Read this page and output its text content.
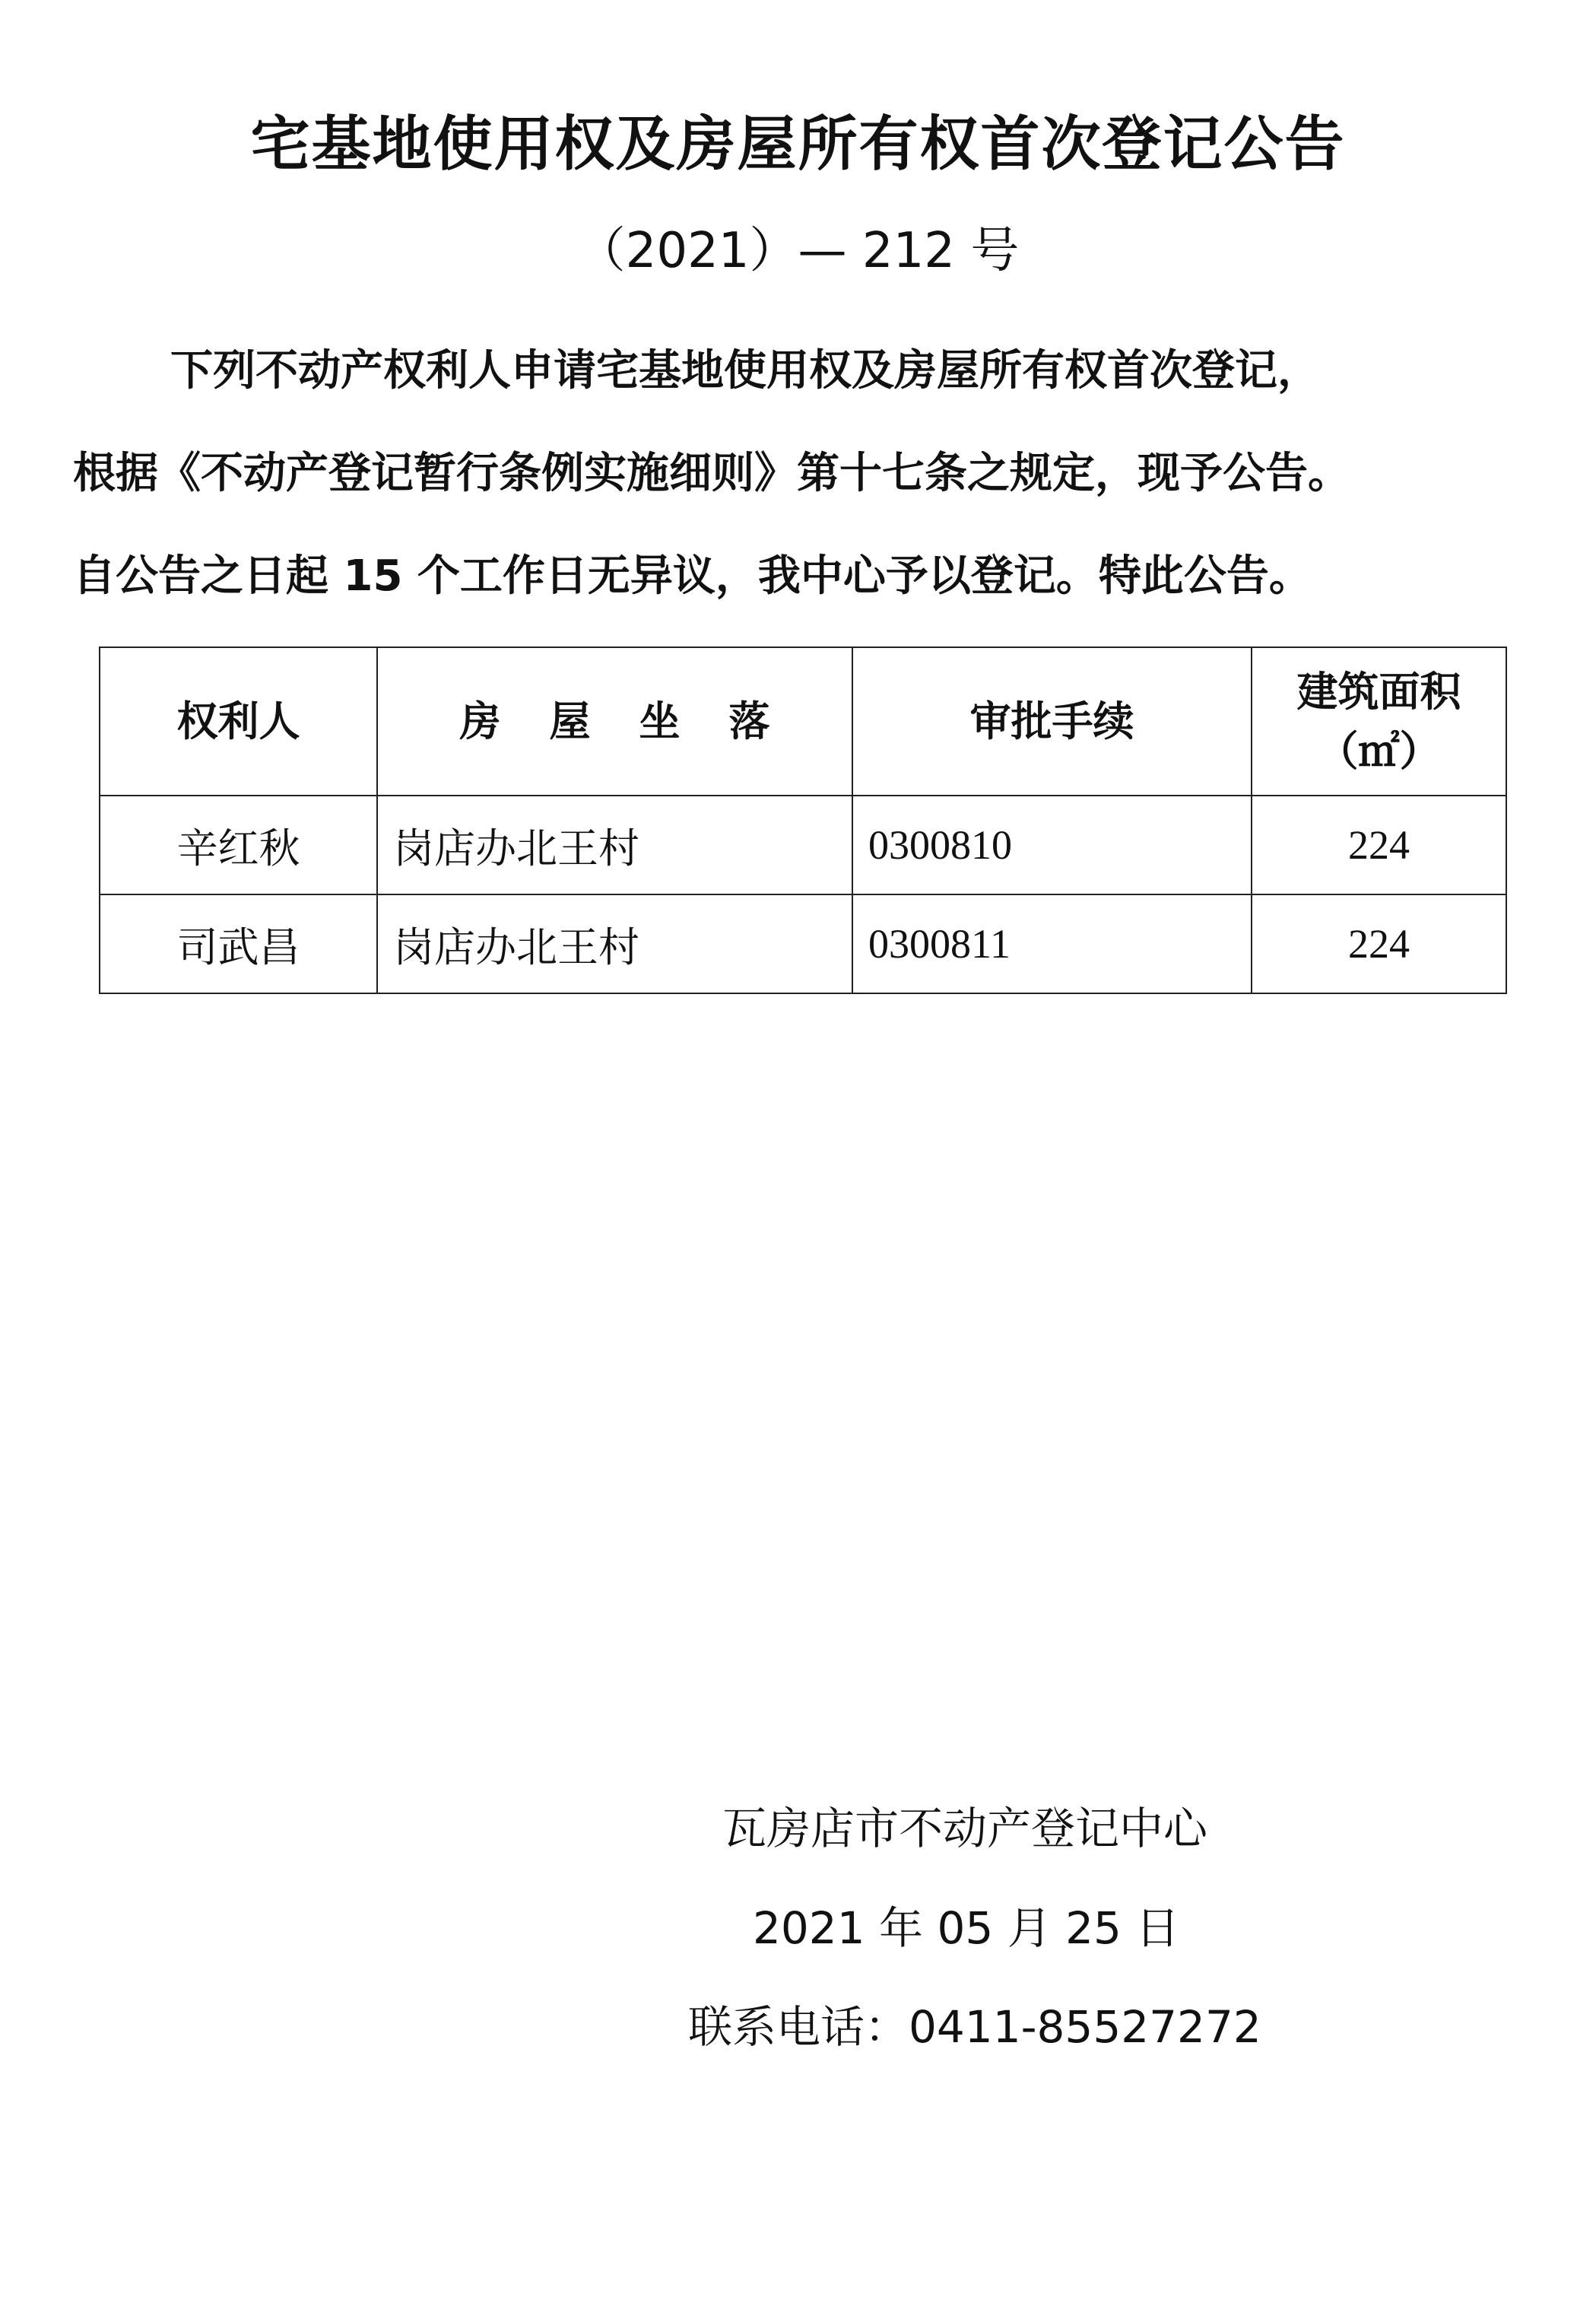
宅基地使用权及房屋所有权首次登记公告
（2021）— 212 号

下列不动产权利人申请宅基地使用权及房屋所有权首次登记，

根据《不动产登记暂行条例实施细则》第十七条之规定，现予公告。

自公告之日起 15 个工作日无异议，我中心予以登记。特此公告。

权利人	房屋坐落	审批手续	建筑面积
（㎡）

辛红秋	岗店办北王村	0300810	224
司武昌	岗店办北王村	0300811	224
瓦房店市不动产登记中心
2021 年 05 月 25 日
联系电话：0411-85527272
